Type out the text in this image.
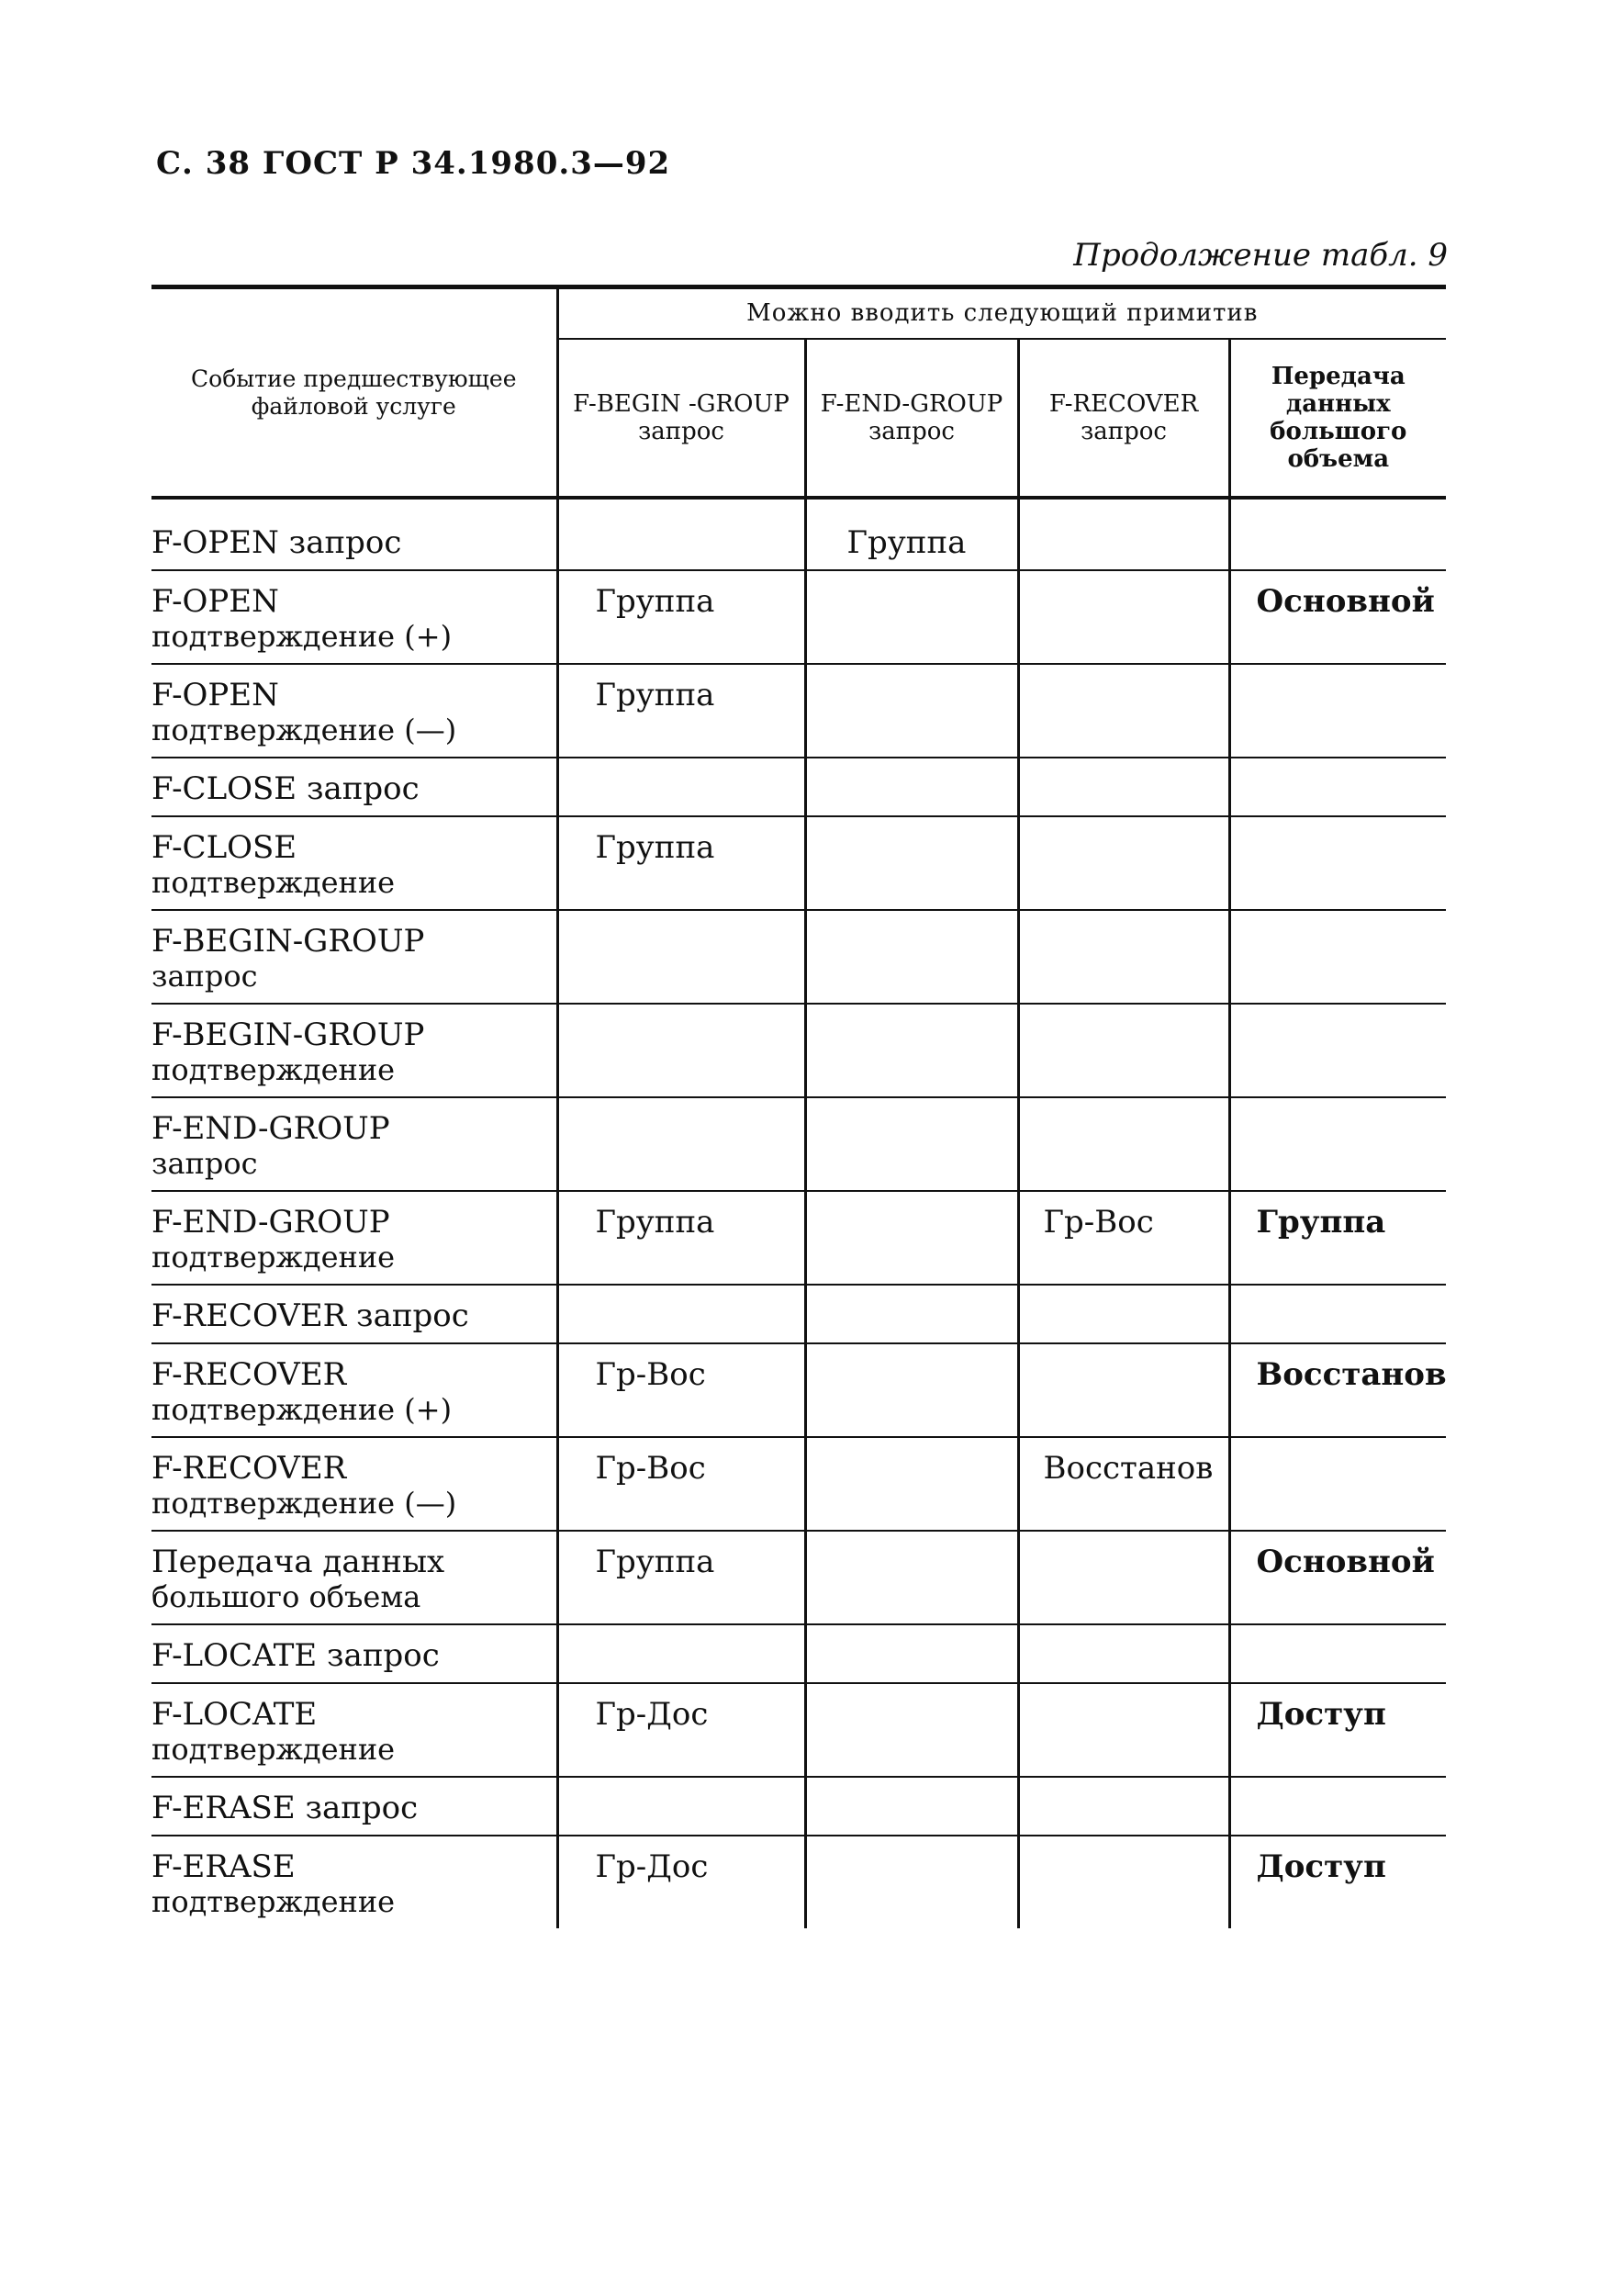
С. 38 ГОСТ Р 34.1980.3—92
Продолжение табл. 9
Событие предшествующее файловой услуге	Можно вводить следующий примитив			
	F-BEGIN -GROUP запрос	F-END-GROUP запрос	F-RECOVER запрос	Передача данных большого объема

F-OPEN запрос		Группа		

F-OPEN
подтверждение (+)	Группа			Основной

F-OPEN
подтверждение (—)	Группа			

F-CLOSE запрос				

F-CLOSE
подтверждение	Группа			

F-BEGIN-GROUP
запрос				

F-BEGIN-GROUP
подтверждение				

F-END-GROUP
запрос				

F-END-GROUP
подтверждение	Группа		Гр-Вос	Группа

F-RECOVER запрос				

F-RECOVER
подтверждение (+)	Гр-Вос			Восстанов

F-RECOVER
подтверждение (—)	Гр-Вос		Восстанов	

Передача данных
большого объема	Группа			Основной

F-LOCATE запрос				

F-LOCATE
подтверждение	Гр-Дос			Доступ

F-ERASE запрос				

F-ERASE
подтверждение	Гр-Дос			Доступ
